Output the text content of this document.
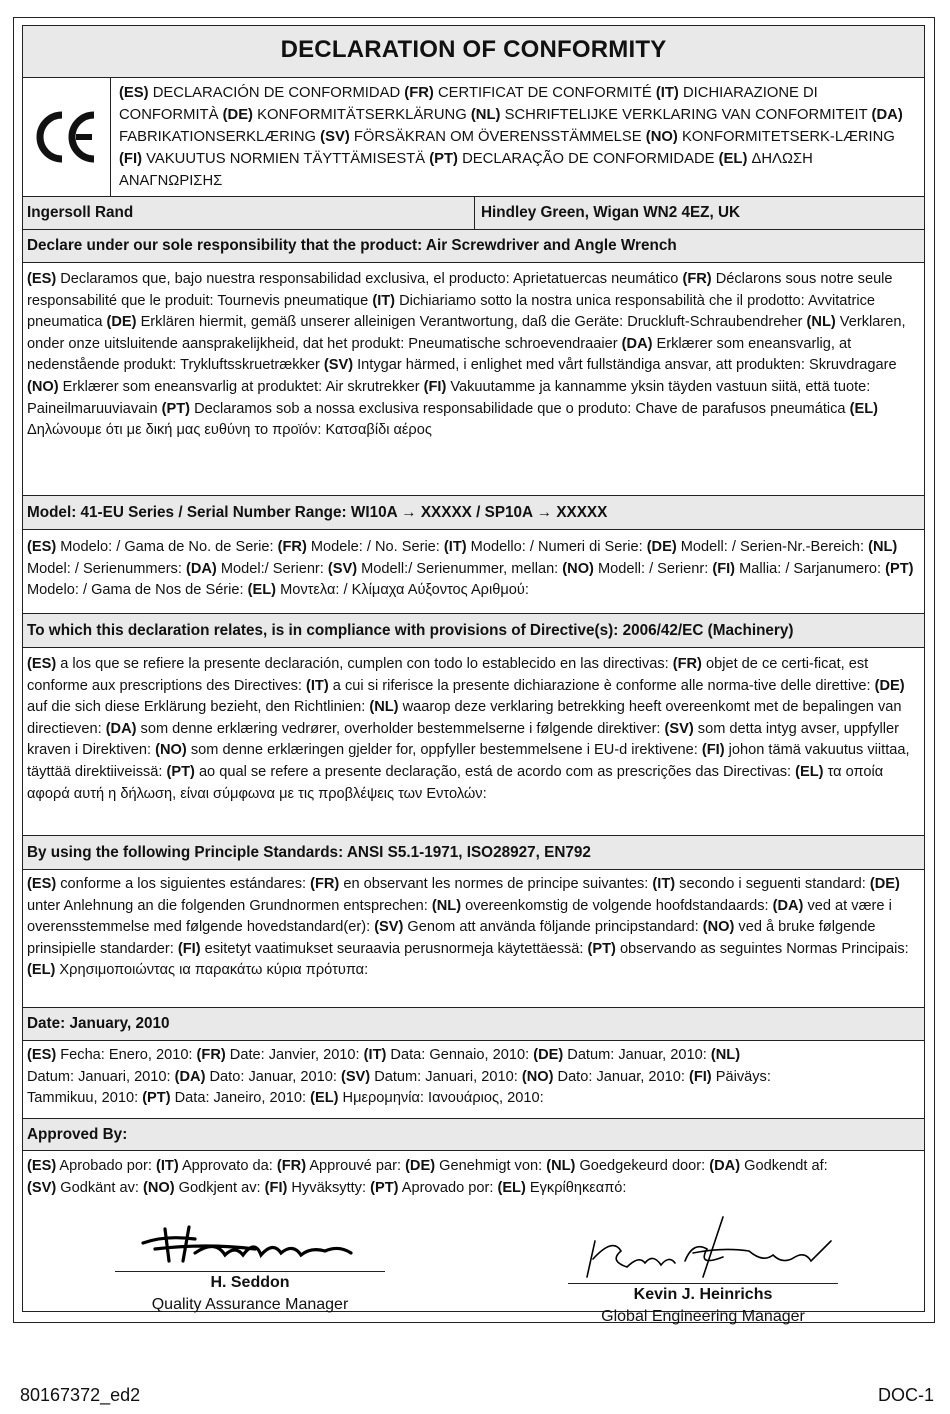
DECLARATION OF CONFORMITY
(ES) DECLARACIÓN DE CONFORMIDAD (FR) CERTIFICAT DE CONFORMITÉ (IT) DICHIARAZIONE DI CONFORMITÀ (DE) KONFORMITÄTSERKLÄRUNG (NL) SCHRIFTELIJKE VERKLARING VAN CONFORMITEIT (DA) FABRIKATIONSERKLÆRING (SV) FÖRSÄKRAN OM ÖVERENSSTÄMMELSE (NO) KONFORMITETSERK-LÆRING (FI) VAKUUTUS NORMIEN TÄYTTÄMISESTÄ (PT) DECLARAÇÃO DE CONFORMIDADE (EL) ΔΗΛΩΣΗ ΑΝΑΓΝΩΡΙΣΗΣ
Ingersoll Rand	Hindley Green, Wigan WN2 4EZ, UK
Declare under our sole responsibility that the product: Air Screwdriver and Angle Wrench
(ES) Declaramos que, bajo nuestra responsabilidad exclusiva, el producto: Aprietatuercas neumático (FR) Déclarons sous notre seule responsabilité que le produit: Tournevis pneumatique (IT) Dichiariamo sotto la nostra unica responsabilità che il prodotto: Avvitatrice pneumatica (DE) Erklären hiermit, gemäß unserer alleinigen Verantwortung, daß die Geräte: Druckluft-Schraubendreher (NL) Verklaren, onder onze uitsluitende aansprakelijkheid, dat het produkt: Pneumatische schroevendraaier (DA) Erklærer som eneansvarlig, at nedenstående produkt: Trykluftsskruetrækker (SV) Intygar härmed, i enlighet med vårt fullständiga ansvar, att produkten: Skruvdragare (NO) Erklærer som eneansvarlig at produktet: Air skrutrekker (FI) Vakuutamme ja kannamme yksin täyden vastuun siitä, että tuote: Paineilmaruuviavain (PT) Declaramos sob a nossa exclusiva responsabilidade que o produto: Chave de parafusos pneumática (EL) Δηλώνουμε ότι με δική μας ευθύνη το προϊόν: Κατσαβίδι αέρος
Model: 41-EU Series / Serial Number Range: WI10A → XXXXX / SP10A → XXXXX
(ES) Modelo: / Gama de No. de Serie: (FR) Modele: / No. Serie: (IT) Modello: / Numeri di Serie: (DE) Modell: / Serien-Nr.-Bereich: (NL) Model: / Serienummers: (DA) Model:/ Serienr: (SV) Modell:/ Serienummer, mellan: (NO) Modell: / Serienr: (FI) Mallia: / Sarjanumero: (PT) Modelo: / Gama de Nos de Série: (EL) Μοντελα: / Κλίμαχα Αύξοντος Αριθμού:
To which this declaration relates, is in compliance with provisions of Directive(s): 2006/42/EC (Machinery)
(ES) a los que se refiere la presente declaración, cumplen con todo lo establecido en las directivas: (FR) objet de ce certi-ficat, est conforme aux prescriptions des Directives: (IT) a cui si riferisce la presente dichiarazione è conforme alle norma-tive delle direttive: (DE) auf die sich diese Erklärung bezieht, den Richtlinien: (NL) waarop deze verklaring betrekking heeft overeenkomt met de bepalingen van directieven: (DA) som denne erklæring vedrører, overholder bestemmelserne i følgende direktiver: (SV) som detta intyg avser, uppfyller kraven i Direktiven: (NO) som denne erklæringen gjelder for, oppfyller bestemmelsene i EU-d irektivene: (FI) johon tämä vakuutus viittaa, täyttää direktiiveissä: (PT) ao qual se refere a presente declaração, está de acordo com as prescrições das Directivas: (EL) τα οποία αφορά αυτή η δήλωση, είναι σύμφωνα με τις προβλέψεις των Εντολών:
By using the following Principle Standards: ANSI S5.1-1971, ISO28927, EN792
(ES) conforme a los siguientes estándares: (FR) en observant les normes de principe suivantes: (IT) secondo i seguenti standard: (DE) unter Anlehnung an die folgenden Grundnormen entsprechen: (NL) overeenkomstig de volgende hoofdstandaards: (DA) ved at være i overensstemmelse med følgende hovedstandard(er): (SV) Genom att använda följande principstandard: (NO) ved å bruke følgende prinsipielle standarder: (FI) esitetyt vaatimukset seuraavia perusnormeja käytettäessä: (PT) observando as seguintes Normas Principais: (EL) Χρησιμοποιώντας ια παρακάτω κύρια πρότυπα:
Date: January, 2010
(ES) Fecha: Enero, 2010: (FR) Date: Janvier, 2010: (IT) Data: Gennaio, 2010: (DE) Datum: Januar, 2010: (NL) Datum: Januari, 2010: (DA) Dato: Januar, 2010: (SV) Datum: Januari, 2010: (NO) Dato: Januar, 2010: (FI) Päiväys: Tammikuu, 2010: (PT) Data: Janeiro, 2010: (EL) Ημερομηνία: Ιανουάριος, 2010:
Approved By:
(ES) Aprobado por: (IT) Approvato da: (FR) Approuvé par: (DE) Genehmigt von: (NL) Goedgekeurd door: (DA) Godkendt af: (SV) Godkänt av: (NO) Godkjent av: (FI) Hyväksytty: (PT) Aprovado por: (EL) Εγκρίθηκεαπό:
H. Seddon
Quality Assurance Manager
Kevin J. Heinrichs
Global Engineering Manager
80167372_ed2	DOC-1
